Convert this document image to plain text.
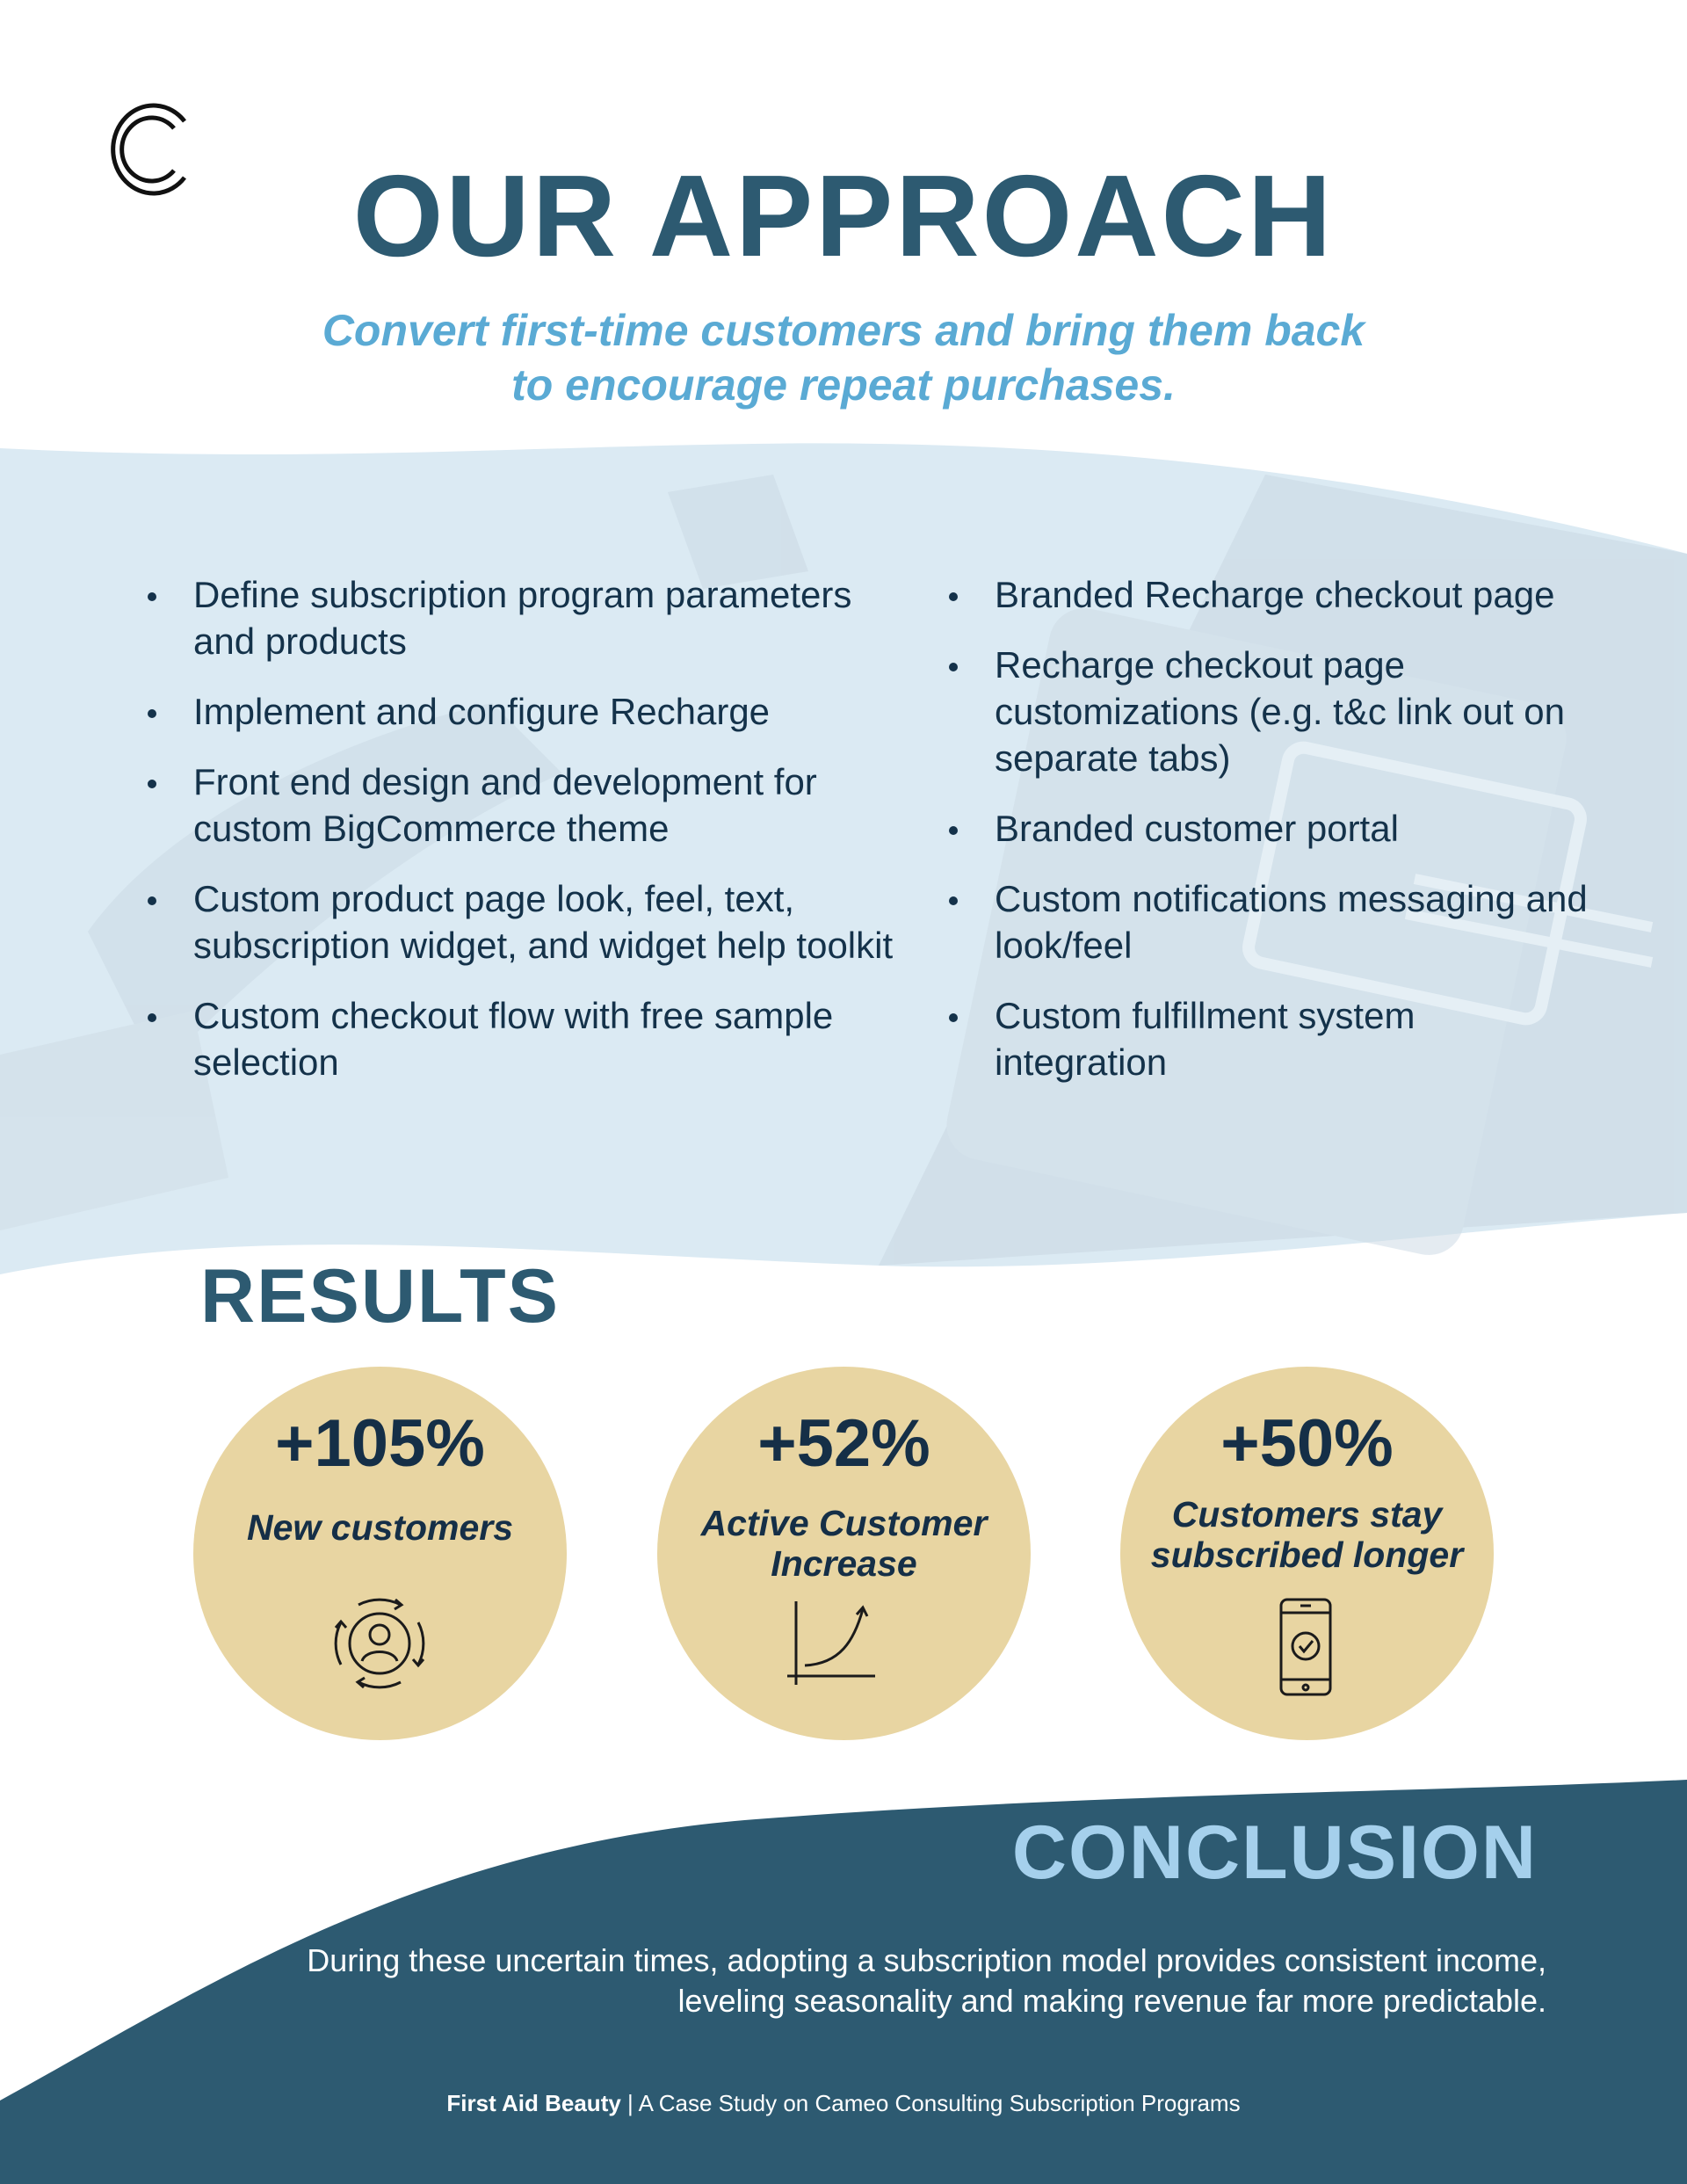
OUR APPROACH
Convert first-time customers and bring them back
to encourage repeat purchases.
Define subscription program parameters and products
Implement and configure Recharge
Front end design and development for custom BigCommerce theme
Custom product page look, feel, text, subscription widget, and widget help toolkit
Custom checkout flow with free sample selection
Branded Recharge checkout page
Recharge checkout page customizations (e.g. t&c link out on separate tabs)
Branded customer portal
Custom notifications messaging and look/feel
Custom fulfillment system integration
RESULTS
+105%
New customers
+52%
Active Customer Increase
+50%
Customers stay subscribed longer
CONCLUSION
During these uncertain times, adopting a subscription model provides consistent income, leveling seasonality and making revenue far more predictable.
First Aid Beauty | A Case Study on Cameo Consulting Subscription Programs
